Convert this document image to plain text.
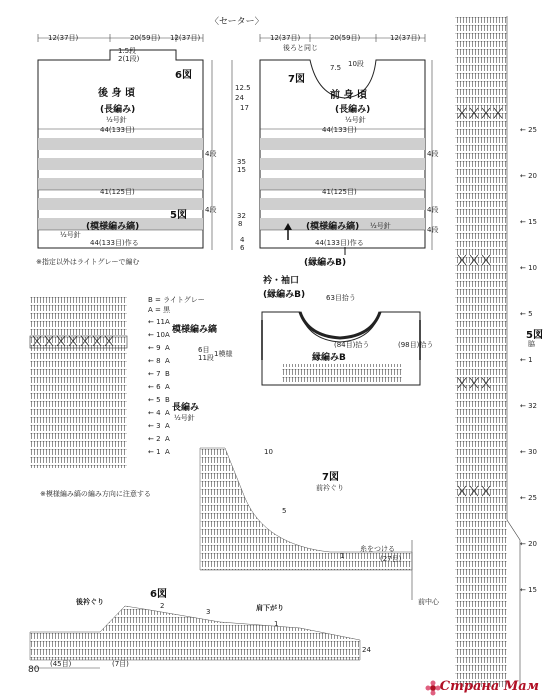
〈セーター〉
12(37目)	20(59目) 12(37目)	12(37目)	20(59目)	12(37目)
1.5段
2(1段)
6図
後 身 頃
(長編み)
½号針
44(133目)
41(125目)
5図
(模様編み縞)
½号針
44(133目)作る
※指定以外はライトグレーで編む
4段
4段
後ろと同じ
7.5 10段
7図
前 身 頃
(長編み)
½号針
44(133目)
41(125目)
(模様編み縞) ½号針
44(133目)作る
(縁編みB)
12.5
24
17
35
15
32
8
4
6
4段
4段
4段
衿・袖口
(縁編みB)	63目拾う
(84目)拾う	(98目)拾う
縁編みB
B = ライトグレー
A = 黒
模様編み縞
6目 1模様
11段
長編み
½号針
※模様編み縞の編み方向に注意する
← 11 A
← 10 A
← 9 A
← 8 A
← 7 B
← 6 A
← 5 B
← 4 A
← 3 A
← 2 A
← 1 A
7図
前衿ぐり
10
5
1	(27目)
糸をつける
前中心
6図
後衿ぐり
肩下がり
2
3
1
24
(45目)	(7目)
5図
脇
← 25
← 20
← 15
← 10
← 5
← 1
← 32
← 30
← 25
← 20
← 15
80
Страна Мам
